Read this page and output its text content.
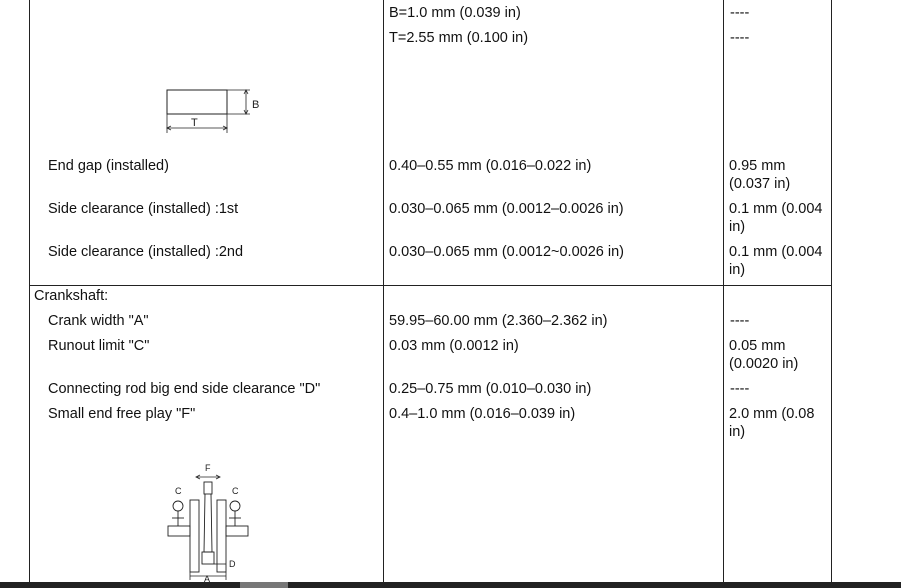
B=1.0 mm (0.039 in)	----
T=2.55 mm (0.100 in)	----
B
T
End gap (installed)	0.40–0.55 mm (0.016–0.022 in)	0.95 mm (0.037 in)
Side clearance (installed) :1st	0.030–0.065 mm (0.0012–0.0026 in)	0.1 mm (0.004 in)
Side clearance (installed) :2nd	0.030–0.065 mm (0.0012~0.0026 in)	0.1 mm (0.004 in)
Crankshaft:
Crank width "A"	59.95–60.00 mm (2.360–2.362 in)	----
Runout limit "C"	0.03 mm (0.0012 in)	0.05 mm (0.0020 in)
Connecting rod big end side clearance "D"	0.25–0.75 mm (0.010–0.030 in)	----
Small end free play "F"	0.4–1.0 mm (0.016–0.039 in)	2.0 mm (0.08 in)
F
C	C
D
A
